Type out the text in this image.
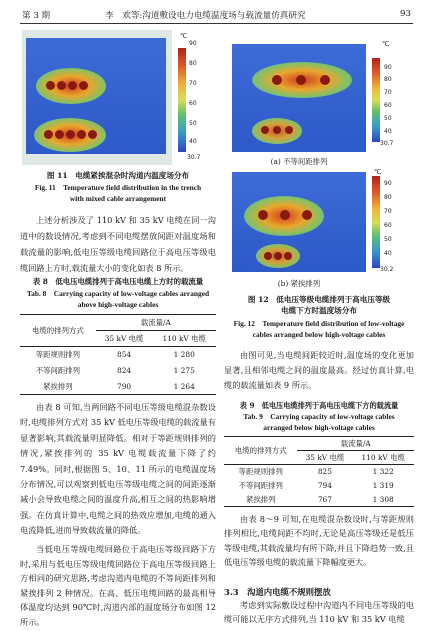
第 3 期	李　欢等:沟道敷设电力电缆温度场与载流量仿真研究	93
℃
90
80
70
60
50
40
30.7
图 11　电缆紧挨混杂时沟道内温度场分布
Fig. 11　Temperature field distribution in the trench
with mixed cable arrangement
上述分析涉及了 110 kV 和 35 kV 电缆在同一沟道中的数设情况,考虑到不同电缆摆放间距对温度场和载流量的影响,低电压等级电缆回路位于高电压等级电缆回路上方时,载流量大小的变化如表 8 所示。
表 8　低电压电缆排列于高电压电缆上方时的载流量
Tab. 8　Carrying capacity of low-voltage cables arranged
above high-voltage cables
电缆的排列方式	载流量/A	
	35 kV 电缆	110 kV 电缆
等距规则排列	854	1 280
不等间距排列	824	1 275
紧挨排列	790	1 264
由表 8 可知,当两回路不同电压等级电缆混杂数设时,电缆排列方式对 35 kV 低电压等级电缆的载流量有显著影响,其载流量明显降低。相对于等距规则排列的情况,紧挨排列的 35 kV 电缆载流量下降了约 7.49%。同时,根据图 5、10、11 所示的电缆温度场分布情况,可以观察到低电压等级电缆之间的间距逐渐减小会导致电缆之间的温度升高,相互之间的热影响增强。在仿真计算中,电缆之间的热效应增加,电缆的通入电流降低,进而导致载流量的降低。
当低电压等级电缆回路位于高电压等级回路下方时,采用与低电压等级电缆回路位于高电压等级回路上方相同的研究思路,考虑沟道内电缆的不等间距排列和紧挨排列 2 种情况。在高、低压电缆回路的最高相导体温度均达到 90℃时,沟道内部的温度场分布如图 12 所示。
90
80
70
60
50
40
30.7
℃
(a) 不等间距排列
90
80
70
60
50
40
30.2
℃
(b) 紧挨排列
图 12　低电压等级电缆排列于高电压等级
电缆下方时温度场分布
Fig. 12　Temperature field distribution of low-voltage
cables arranged below high-voltage cables
由图可见,当电缆间距较近时,温度场的变化更加显著,且相邻电缆之间的温度最高。经过仿真计算,电缆的载流量如表 9 所示。
表 9　低电压电缆排列于高电压电缆下方的载流量
Tab. 9　Carrying capacity of low-voltage cables
arranged below high-voltage cables
电缆的排列方式	载流量/A	
	35 kV 电缆	110 kV 电缆
等距规则排列	825	1 322
不等间距排列	794	1 319
紧挨排列	767	1 308
由表 8～9 可知,在电缆混杂数设时,与等距规则排列相比,电缆间距不均时,无论是高压等级还是低压等级电缆,其载流量均有所下降,并且下降趋势一致,且低电压等级电缆的载流量下降幅度更大。
3.3　沟道内电缆不规则摆放
考虑到实际敷设过程中沟道内不同电压等级的电缆可能以无序方式排列,当 110 kV 和 35 kV 电缆
